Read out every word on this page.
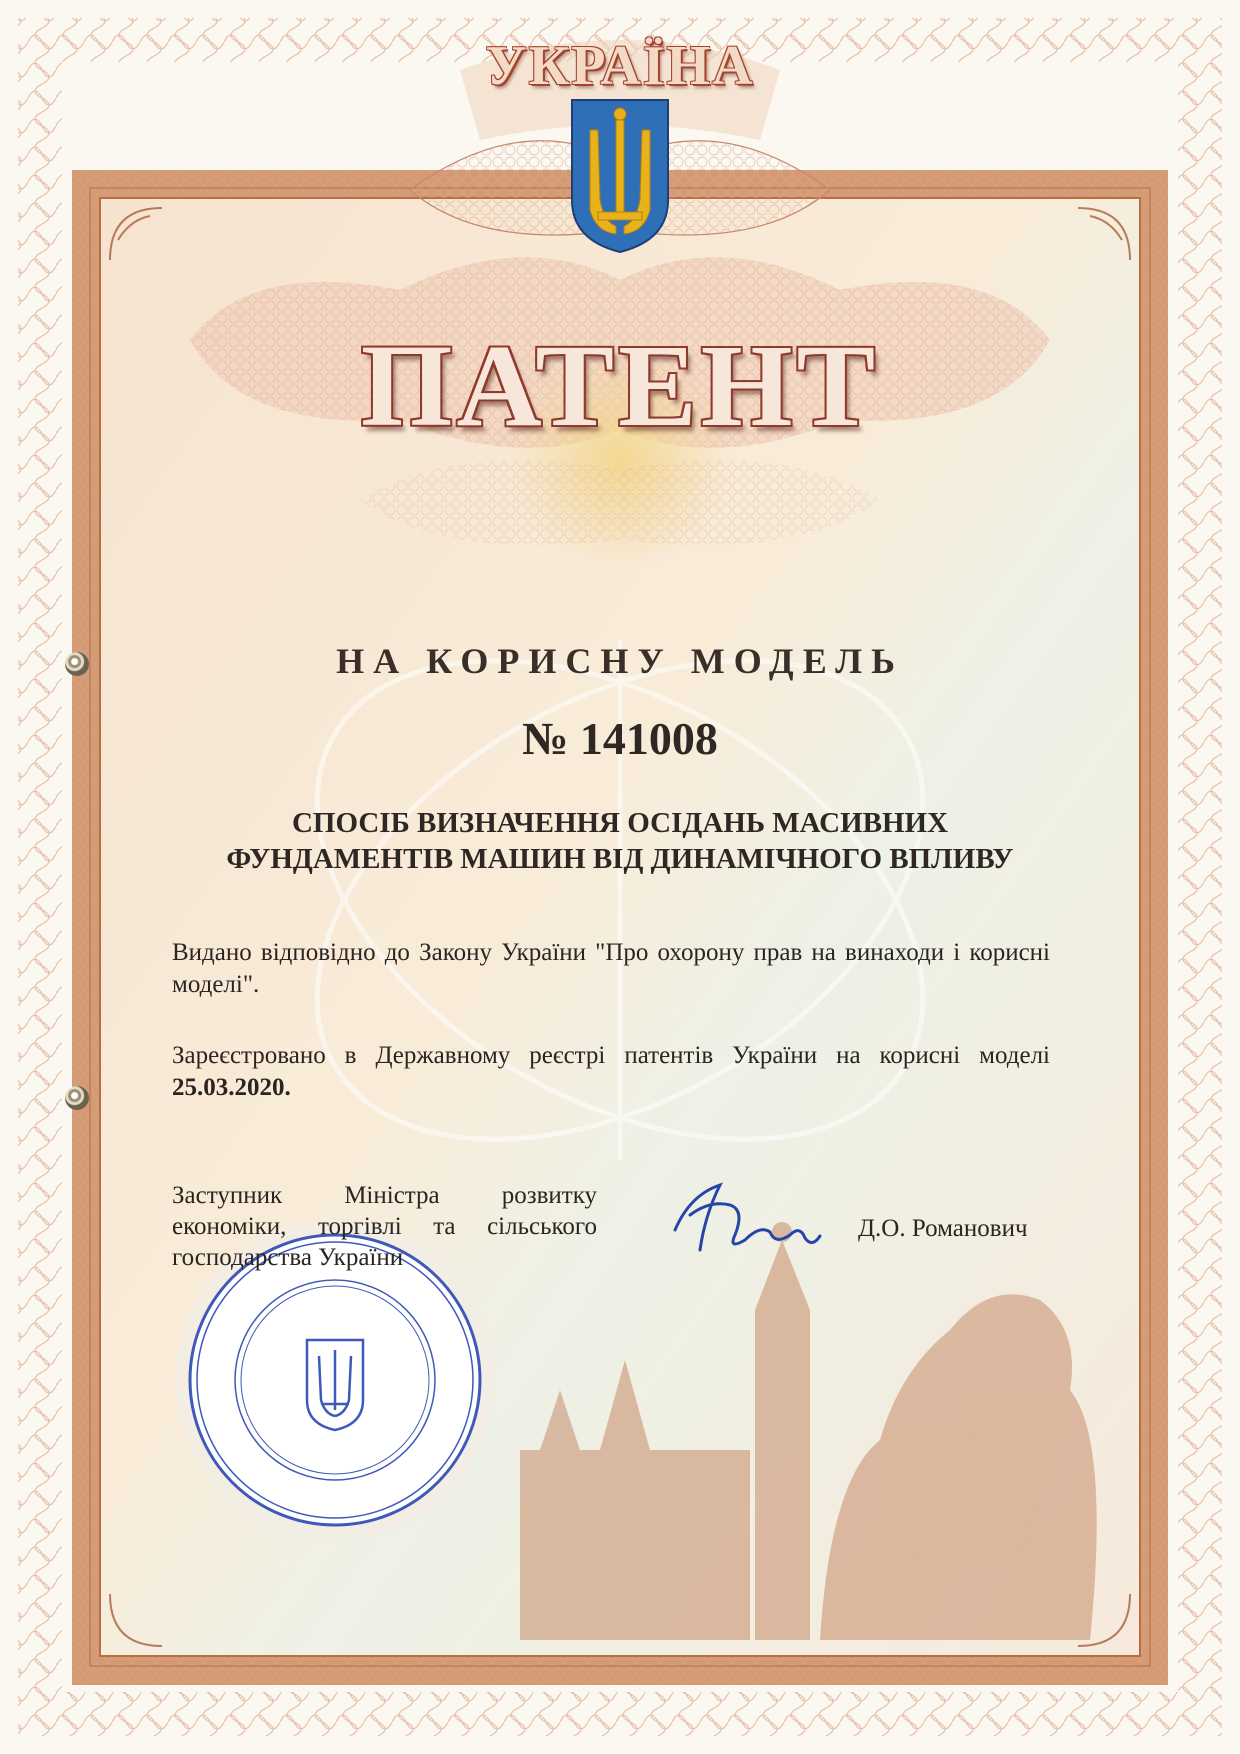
УКРАЇНА
ПАТЕНТ
НА КОРИСНУ МОДЕЛЬ
№ 141008
СПОСІБ ВИЗНАЧЕННЯ ОСІДАНЬ МАСИВНИХ
ФУНДАМЕНТІВ МАШИН ВІД ДИНАМІЧНОГО ВПЛИВУ
Видано відповідно до Закону України "Про охорону прав на винаходи і корисні моделі".
Зареєстровано в Державному реєстрі патентів України на корисні моделі 25.03.2020.
Заступник Міністра розвитку економіки, торгівлі та сільського господарства України
Д.О. Романович
